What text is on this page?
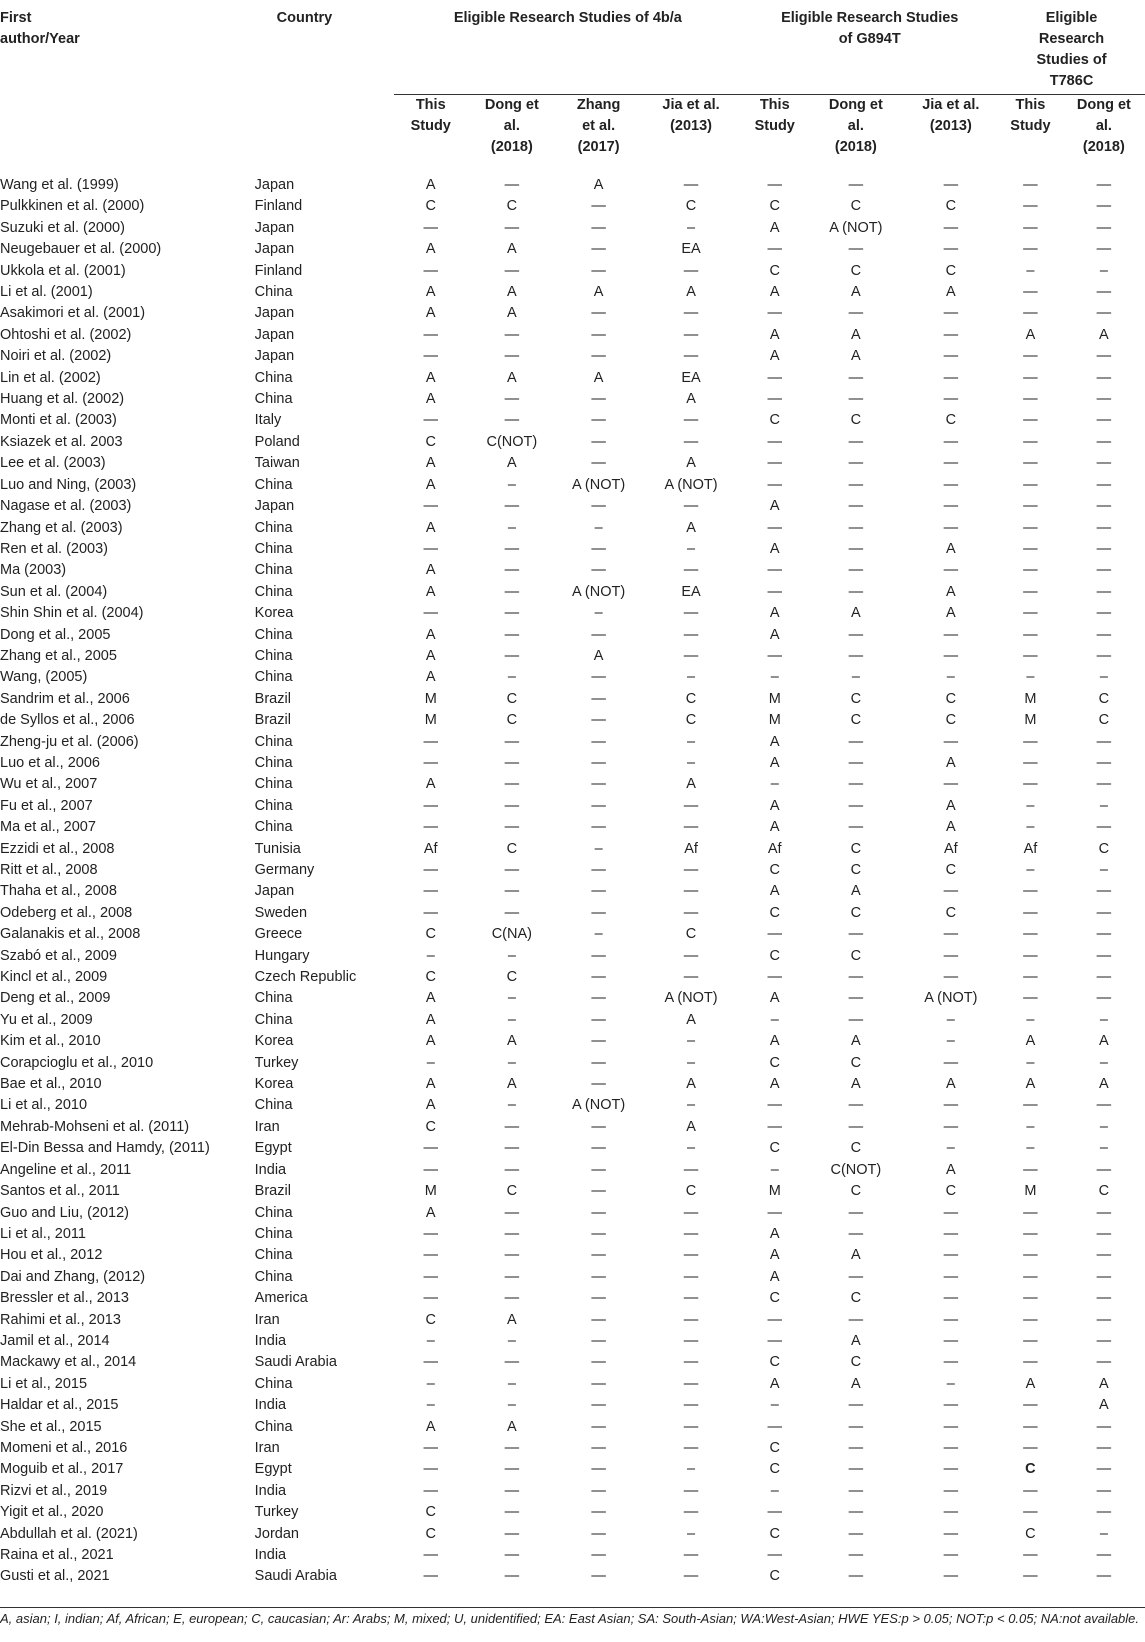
First author/Year	Country	Eligible Research Studies of 4b/a				Eligible Research Studies of G894T			Eligible Research Studies of T786C	

		This Study	Dong et al. (2018)	Zhang et al. (2017)	Jia et al. (2013)	This Study	Dong et al. (2018)	Jia et al. (2013)	This Study	Dong et al. (2018)

Wang et al. (1999)	Japan	A	—	A	—	—	—	—	—	—
Pulkkinen et al. (2000)	Finland	C	C	—	C	C	C	C	—	—
Suzuki et al. (2000)	Japan	—	—	—	–	A	A (NOT)	—	—	—
Neugebauer et al. (2000)	Japan	A	A	—	EA	—	—	—	—	—
Ukkola et al. (2001)	Finland	—	—	—	—	C	C	C	–	–
Li et al. (2001)	China	A	A	A	A	A	A	A	—	—
Asakimori et al. (2001)	Japan	A	A	—	—	—	—	—	—	—
Ohtoshi et al. (2002)	Japan	—	—	—	—	A	A	—	A	A
Noiri et al. (2002)	Japan	—	—	—	—	A	A	—	—	—
Lin et al. (2002)	China	A	A	A	EA	—	—	—	—	—
Huang et al. (2002)	China	A	—	—	A	—	—	—	—	—
Monti et al. (2003)	Italy	—	—	—	—	C	C	C	—	—
Ksiazek et al. 2003	Poland	C	C(NOT)	—	—	—	—	—	—	—
Lee et al. (2003)	Taiwan	A	A	—	A	—	—	—	—	—
Luo and Ning, (2003)	China	A	–	A (NOT)	A (NOT)	—	—	—	—	—
Nagase et al. (2003)	Japan	—	—	—	—	A	—	—	—	—
Zhang et al. (2003)	China	A	–	–	A	—	—	—	—	—
Ren et al. (2003)	China	—	—	—	–	A	—	A	—	—
Ma (2003)	China	A	—	—	—	—	—	—	—	—
Sun et al. (2004)	China	A	—	A (NOT)	EA	—	—	A	—	—
Shin Shin et al. (2004)	Korea	—	—	–	—	A	A	A	—	—
Dong et al., 2005	China	A	—	—	—	A	—	—	—	—
Zhang et al., 2005	China	A	—	A	—	—	—	—	—	—
Wang, (2005)	China	A	–	—	–	–	–	–	–	–
Sandrim et al., 2006	Brazil	M	C	—	C	M	C	C	M	C
de Syllos et al., 2006	Brazil	M	C	—	C	M	C	C	M	C
Zheng-ju et al. (2006)	China	—	—	—	–	A	—	—	—	—
Luo et al., 2006	China	—	—	—	–	A	—	A	—	—
Wu et al., 2007	China	A	—	—	A	–	—	—	—	—
Fu et al., 2007	China	—	—	—	—	A	—	A	–	–
Ma et al., 2007	China	—	—	—	—	A	—	A	–	—
Ezzidi et al., 2008	Tunisia	Af	C	–	Af	Af	C	Af	Af	C
Ritt et al., 2008	Germany	—	—	—	—	C	C	C	–	–
Thaha et al., 2008	Japan	—	—	—	—	A	A	—	—	—
Odeberg et al., 2008	Sweden	—	—	—	—	C	C	C	—	—
Galanakis et al., 2008	Greece	C	C(NA)	–	C	—	—	—	—	—
Szabó et al., 2009	Hungary	–	–	—	—	C	C	—	—	—
Kincl et al., 2009	Czech Republic	C	C	—	—	—	—	—	—	—
Deng et al., 2009	China	A	–	—	A (NOT)	A	—	A (NOT)	—	—
Yu et al., 2009	China	A	–	—	A	–	—	–	–	–
Kim et al., 2010	Korea	A	A	—	–	A	A	–	A	A
Corapcioglu et al., 2010	Turkey	–	–	—	–	C	C	—	–	–
Bae et al., 2010	Korea	A	A	—	A	A	A	A	A	A
Li et al., 2010	China	A	–	A (NOT)	–	—	—	—	—	—
Mehrab-Mohseni et al. (2011)	Iran	C	—	—	A	—	—	—	–	–
El-Din Bessa and Hamdy, (2011)	Egypt	—	—	—	–	C	C	–	–	–
Angeline et al., 2011	India	—	—	—	—	–	C(NOT)	A	—	—
Santos et al., 2011	Brazil	M	C	—	C	M	C	C	M	C
Guo and Liu, (2012)	China	A	—	—	—	—	—	—	—	—
Li et al., 2011	China	—	—	—	—	A	—	—	—	—
Hou et al., 2012	China	—	—	—	—	A	A	—	—	—
Dai and Zhang, (2012)	China	—	—	—	—	A	—	—	—	—
Bressler et al., 2013	America	—	—	—	—	C	C	—	—	—
Rahimi et al., 2013	Iran	C	A	—	—	—	—	—	—	—
Jamil et al., 2014	India	–	–	—	—	—	A	—	—	—
Mackawy et al., 2014	Saudi Arabia	—	—	—	—	C	C	—	—	—
Li et al., 2015	China	–	–	—	—	A	A	–	A	A
Haldar et al., 2015	India	–	–	—	—	–	—	—	—	A
She et al., 2015	China	A	A	—	—	—	—	—	—	—
Momeni et al., 2016	Iran	—	—	—	—	C	—	—	—	—
Moguib et al., 2017	Egypt	—	—	—	–	C	—	—	C	—
Rizvi et al., 2019	India	—	—	—	—	–	—	—	—	—
Yigit et al., 2020	Turkey	C	—	—	—	—	—	—	—	—
Abdullah et al. (2021)	Jordan	C	—	—	–	C	—	—	C	–
Raina et al., 2021	India	—	—	—	—	—	—	—	—	—
Gusti et al., 2021	Saudi Arabia	—	—	—	—	C	—	—	—	—
A, asian; I, indian; Af, African; E, european; C, caucasian; Ar: Arabs; M, mixed; U, unidentified; EA: East Asian; SA: South-Asian; WA:West-Asian; HWE YES:p > 0.05; NOT:p < 0.05; NA:not available.
